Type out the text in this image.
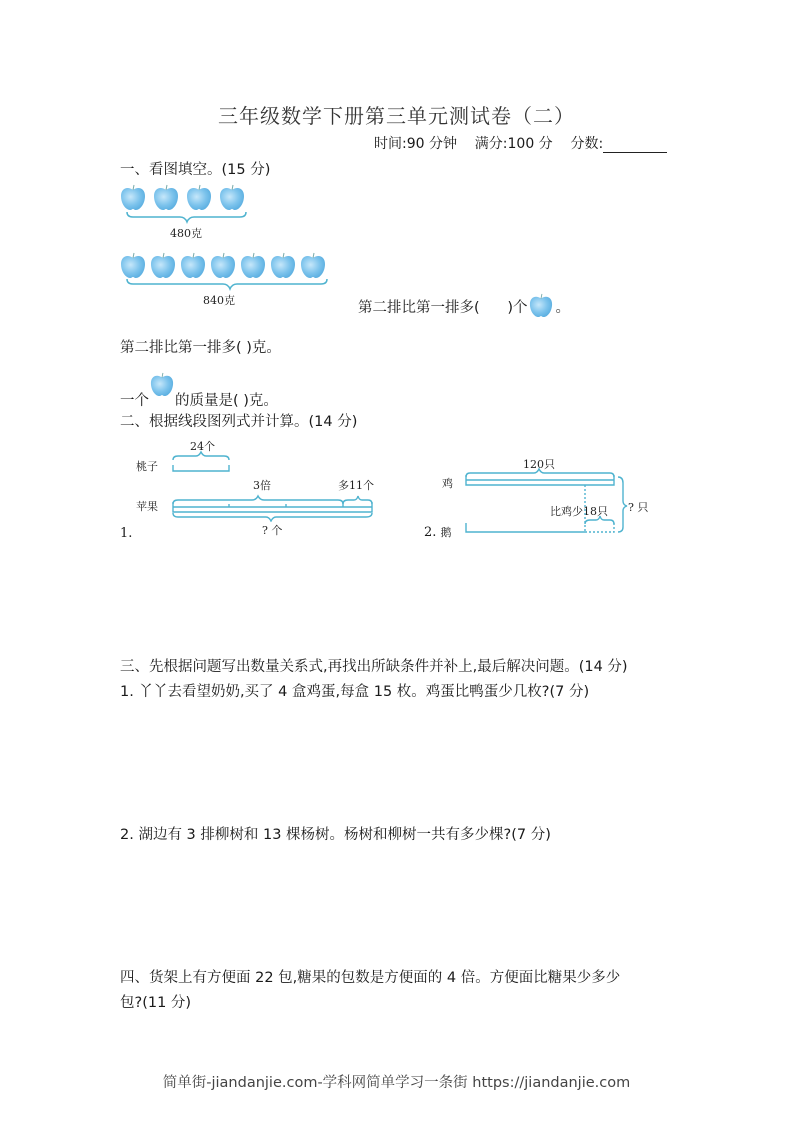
三年级数学下册第三单元测试卷（二）
时间:90 分钟 满分:100 分 分数:
一、看图填空。(15 分)
480克
840克	第二排比第一排多( )个 。
第二排比第一排多( )克。
一个 的质量是( )克。
二、根据线段图列式并计算。(14 分)
24个
桃子
3倍	多11个
苹果
? 个
1.
120只
鸡
比鸡少18只 ? 只
2. 鹅
三、先根据问题写出数量关系式,再找出所缺条件并补上,最后解决问题。(14 分)
1. 丫丫去看望奶奶,买了 4 盒鸡蛋,每盒 15 枚。鸡蛋比鸭蛋少几枚?(7 分)
2. 湖边有 3 排柳树和 13 棵杨树。杨树和柳树一共有多少棵?(7 分)
四、货架上有方便面 22 包,糖果的包数是方便面的 4 倍。方便面比糖果少多少
包?(11 分)
简单街-jiandanjie.com-学科网简单学习一条街 https://jiandanjie.com
